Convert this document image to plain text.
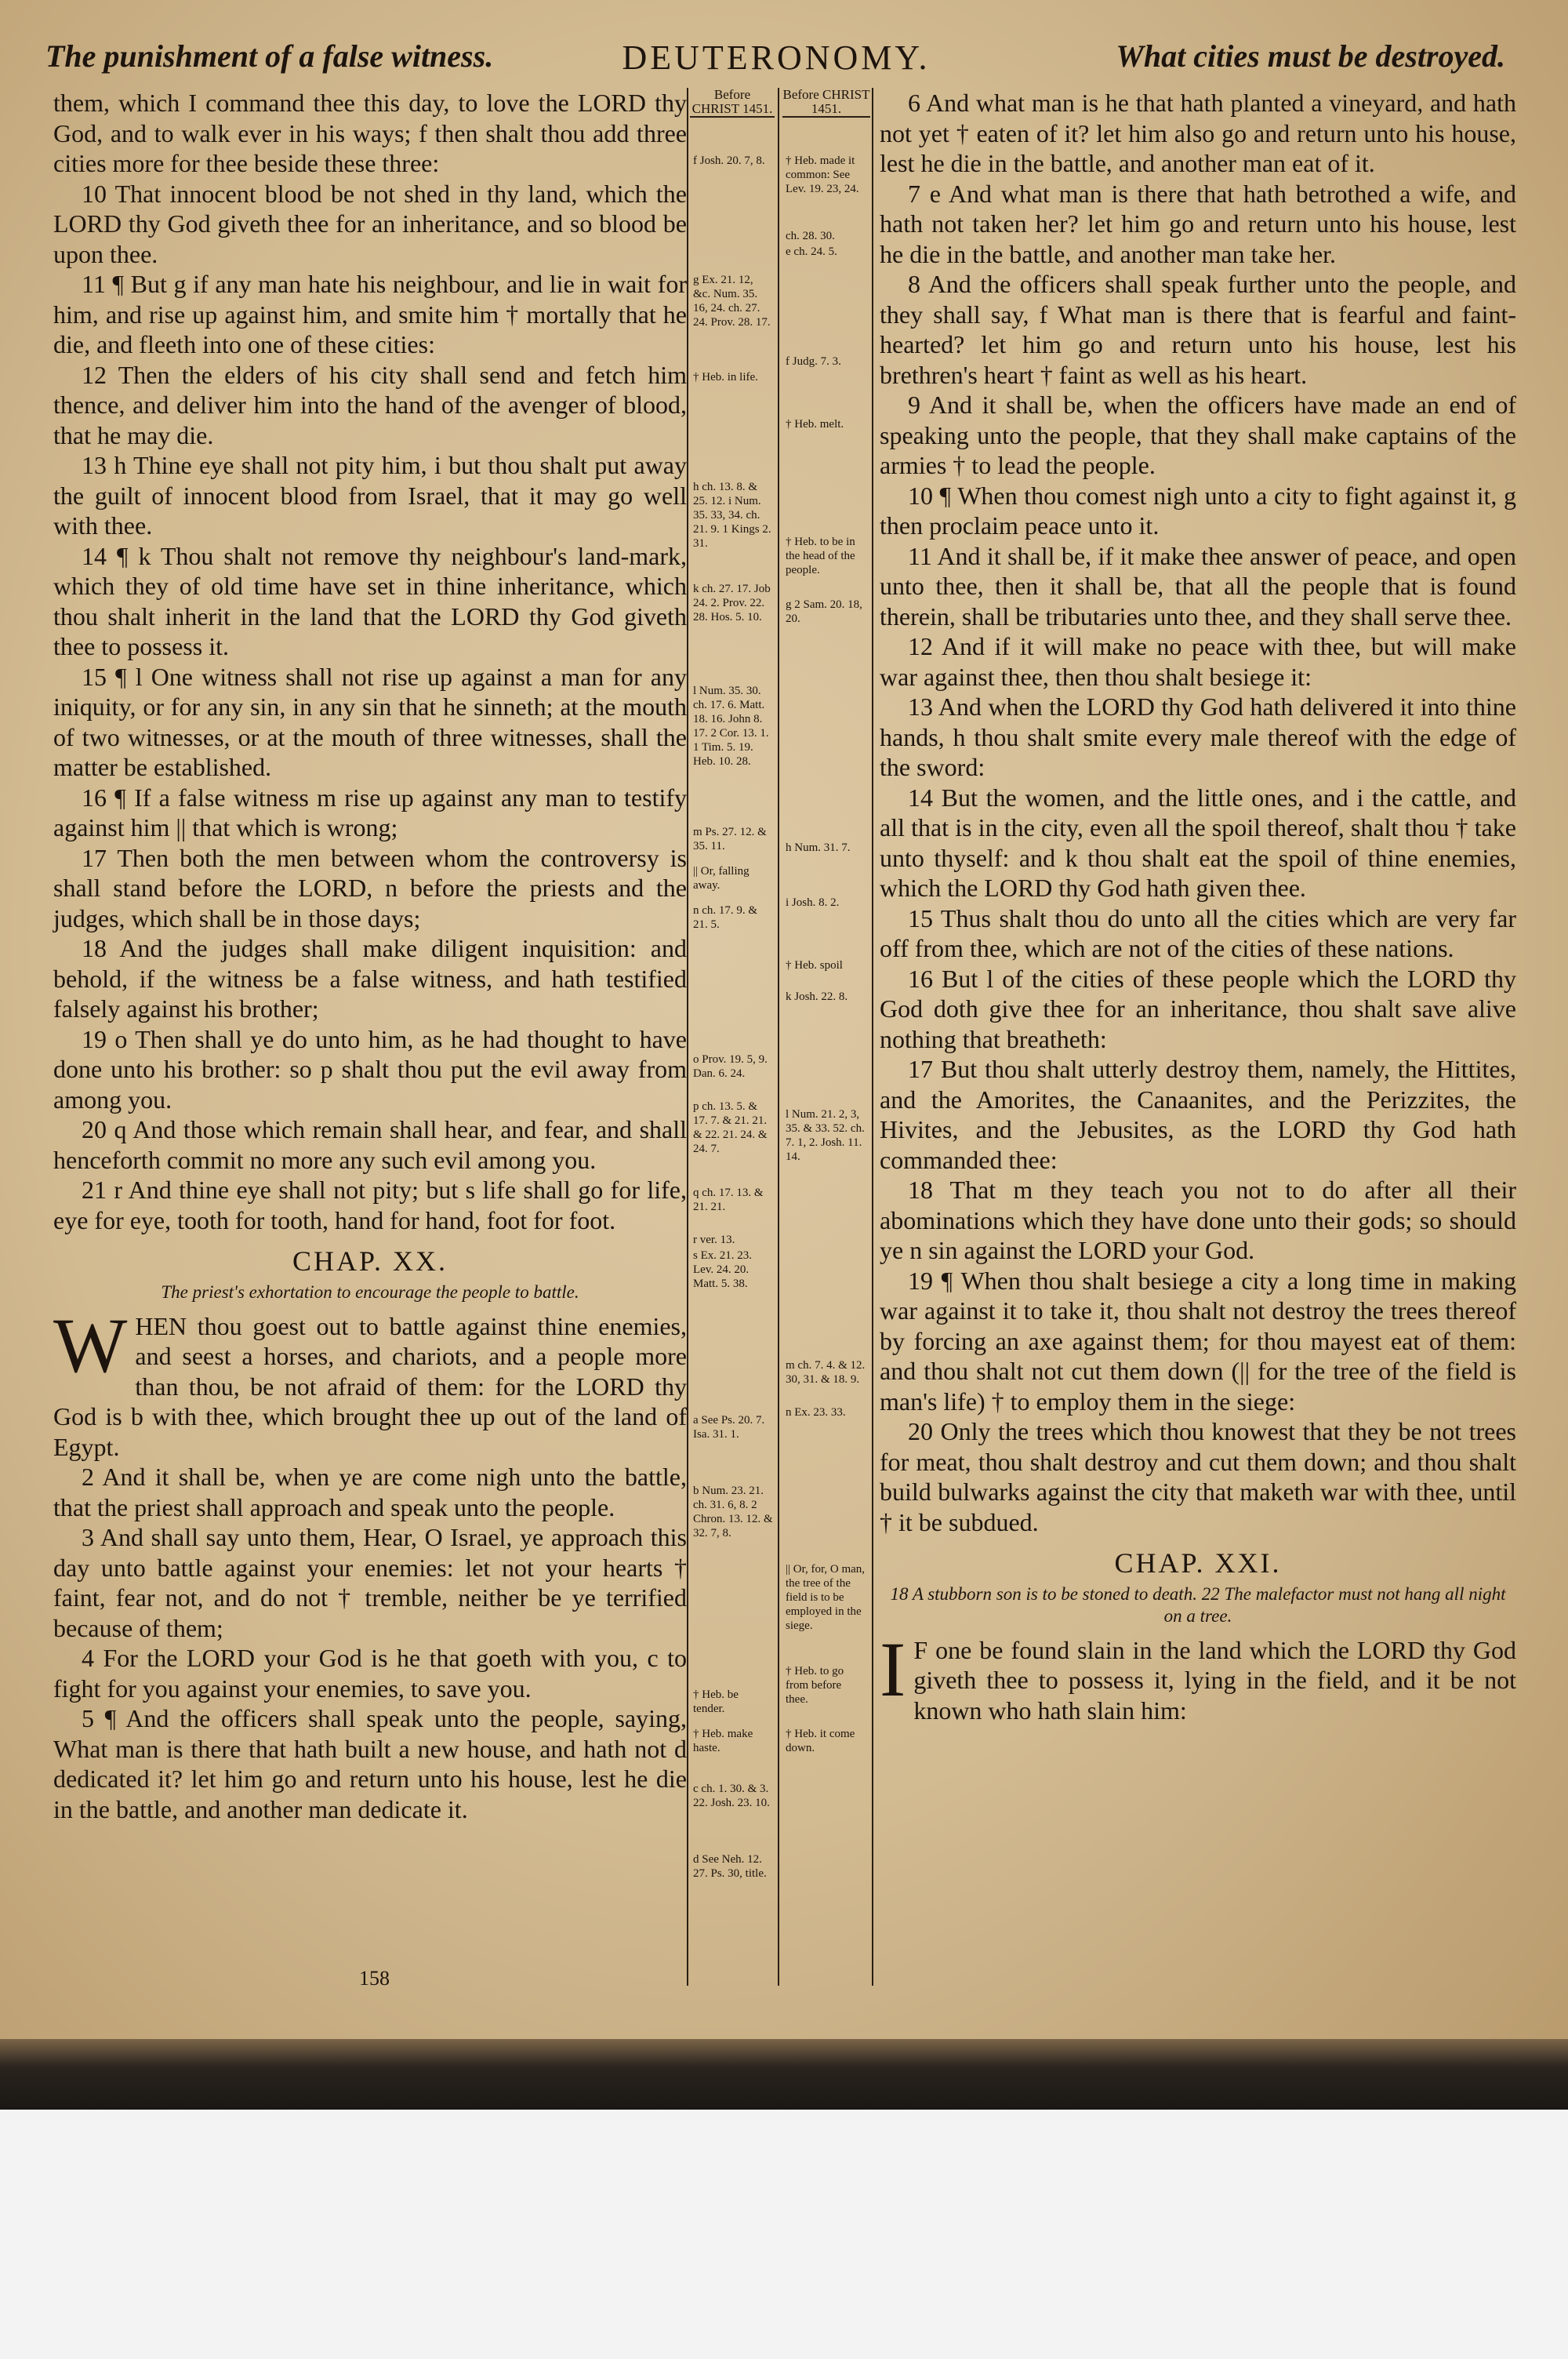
The punishment of a false witness.	DEUTERONOMY.	What cities must be destroyed.

them, which I command thee this day, to love the LORD thy God, and to walk ever in his ways; f then shalt thou add three cities more for thee beside these three:

10 That innocent blood be not shed in thy land, which the LORD thy God giveth thee for an inheritance, and so blood be upon thee.

11 ¶ But g if any man hate his neighbour, and lie in wait for him, and rise up against him, and smite him † mortally that he die, and fleeth into one of these cities:

12 Then the elders of his city shall send and fetch him thence, and deliver him into the hand of the avenger of blood, that he may die.

13 h Thine eye shall not pity him, i but thou shalt put away the guilt of innocent blood from Israel, that it may go well with thee.

14 ¶ k Thou shalt not remove thy neighbour's land-mark, which they of old time have set in thine inheritance, which thou shalt inherit in the land that the LORD thy God giveth thee to possess it.

15 ¶ l One witness shall not rise up against a man for any iniquity, or for any sin, in any sin that he sinneth; at the mouth of two witnesses, or at the mouth of three witnesses, shall the matter be established.

16 ¶ If a false witness m rise up against any man to testify against him || that which is wrong;

17 Then both the men between whom the controversy is shall stand before the LORD, n before the priests and the judges, which shall be in those days;

18 And the judges shall make diligent inquisition: and behold, if the witness be a false witness, and hath testified falsely against his brother;

19 o Then shall ye do unto him, as he had thought to have done unto his brother: so p shalt thou put the evil away from among you.

20 q And those which remain shall hear, and fear, and shall henceforth commit no more any such evil among you.

21 r And thine eye shall not pity; but s life shall go for life, eye for eye, tooth for tooth, hand for hand, foot for foot.

CHAP. XX.
The priest's exhortation to encourage the people to battle.
W HEN thou goest out to battle against thine enemies, and seest a horses, and chariots, and a people more than thou, be not afraid of them: for the LORD thy God is b with thee, which brought thee up out of the land of Egypt.

2 And it shall be, when ye are come nigh unto the battle, that the priest shall approach and speak unto the people.

3 And shall say unto them, Hear, O Israel, ye approach this day unto battle against your enemies: let not your hearts † faint, fear not, and do not † tremble, neither be ye terrified because of them;

4 For the LORD your God is he that goeth with you, c to fight for you against your enemies, to save you.

5 ¶ And the officers shall speak unto the people, saying, What man is there that hath built a new house, and hath not d dedicated it? let him go and return unto his house, lest he die in the battle, and another man dedicate it.

Before CHRIST 1451.
f Josh. 20. 7, 8.
g Ex. 21. 12, &c. Num. 35. 16, 24. ch. 27. 24. Prov. 28. 17.
† Heb. in life.
h ch. 13. 8. & 25. 12. i Num. 35. 33, 34. ch. 21. 9. 1 Kings 2. 31.
k ch. 27. 17. Job 24. 2. Prov. 22. 28. Hos. 5. 10.
l Num. 35. 30. ch. 17. 6. Matt. 18. 16. John 8. 17. 2 Cor. 13. 1. 1 Tim. 5. 19. Heb. 10. 28.
m Ps. 27. 12. & 35. 11.
|| Or, falling away.
n ch. 17. 9. & 21. 5.
o Prov. 19. 5, 9. Dan. 6. 24.
p ch. 13. 5. & 17. 7. & 21. 21. & 22. 21. 24. & 24. 7.
q ch. 17. 13. & 21. 21.
r ver. 13.
s Ex. 21. 23. Lev. 24. 20. Matt. 5. 38.
a See Ps. 20. 7. Isa. 31. 1.
b Num. 23. 21. ch. 31. 6, 8. 2 Chron. 13. 12. & 32. 7, 8.
† Heb. be tender.
† Heb. make haste.
c ch. 1. 30. & 3. 22. Josh. 23. 10.
d See Neh. 12. 27. Ps. 30, title.
Before CHRIST 1451.
† Heb. made it common: See Lev. 19. 23, 24.
ch. 28. 30.
e ch. 24. 5.
f Judg. 7. 3.
† Heb. melt.
† Heb. to be in the head of the people.
g 2 Sam. 20. 18, 20.
h Num. 31. 7.
i Josh. 8. 2.
† Heb. spoil
k Josh. 22. 8.
l Num. 21. 2, 3, 35. & 33. 52. ch. 7. 1, 2. Josh. 11. 14.
m ch. 7. 4. & 12. 30, 31. & 18. 9.
n Ex. 23. 33.
|| Or, for, O man, the tree of the field is to be employed in the siege.
† Heb. to go from before thee.
† Heb. it come down.

6 And what man is he that hath planted a vineyard, and hath not yet † eaten of it? let him also go and return unto his house, lest he die in the battle, and another man eat of it.

7 e And what man is there that hath betrothed a wife, and hath not taken her? let him go and return unto his house, lest he die in the battle, and another man take her.

8 And the officers shall speak further unto the people, and they shall say, f What man is there that is fearful and faint-hearted? let him go and return unto his house, lest his brethren's heart † faint as well as his heart.

9 And it shall be, when the officers have made an end of speaking unto the people, that they shall make captains of the armies † to lead the people.

10 ¶ When thou comest nigh unto a city to fight against it, g then proclaim peace unto it.

11 And it shall be, if it make thee answer of peace, and open unto thee, then it shall be, that all the people that is found therein, shall be tributaries unto thee, and they shall serve thee.

12 And if it will make no peace with thee, but will make war against thee, then thou shalt besiege it:

13 And when the LORD thy God hath delivered it into thine hands, h thou shalt smite every male thereof with the edge of the sword:

14 But the women, and the little ones, and i the cattle, and all that is in the city, even all the spoil thereof, shalt thou † take unto thyself: and k thou shalt eat the spoil of thine enemies, which the LORD thy God hath given thee.

15 Thus shalt thou do unto all the cities which are very far off from thee, which are not of the cities of these nations.

16 But l of the cities of these people which the LORD thy God doth give thee for an inheritance, thou shalt save alive nothing that breatheth:

17 But thou shalt utterly destroy them, namely, the Hittites, and the Amorites, the Canaanites, and the Perizzites, the Hivites, and the Jebusites, as the LORD thy God hath commanded thee:

18 That m they teach you not to do after all their abominations which they have done unto their gods; so should ye n sin against the LORD your God.

19 ¶ When thou shalt besiege a city a long time in making war against it to take it, thou shalt not destroy the trees thereof by forcing an axe against them; for thou mayest eat of them: and thou shalt not cut them down (|| for the tree of the field is man's life) † to employ them in the siege:

20 Only the trees which thou knowest that they be not trees for meat, thou shalt destroy and cut them down; and thou shalt build bulwarks against the city that maketh war with thee, until † it be subdued.

CHAP. XXI.
18 A stubborn son is to be stoned to death. 22 The malefactor must not hang all night on a tree.
I F one be found slain in the land which the LORD thy God giveth thee to possess it, lying in the field, and it be not known who hath slain him:

158
